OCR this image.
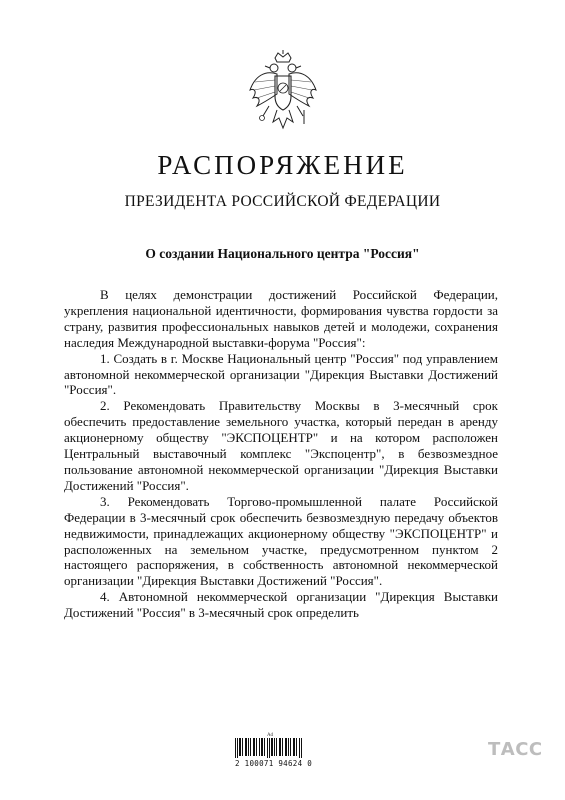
РАСПОРЯЖЕНИЕ
ПРЕЗИДЕНТА РОССИЙСКОЙ ФЕДЕРАЦИИ
О создании Национального центра "Россия"

В целях демонстрации достижений Российской Федерации, укрепления национальной идентичности, формирования чувства гордости за страну, развития профессиональных навыков детей и молодежи, сохранения наследия Международной выставки-форума "Россия":

1. Создать в г. Москве Национальный центр "Россия" под управлением автономной некоммерческой организации "Дирекция Выставки Достижений "Россия".

2. Рекомендовать Правительству Москвы в 3-месячный срок обеспечить предоставление земельного участка, который передан в аренду акционерному обществу "ЭКСПОЦЕНТР" и на котором расположен Центральный выставочный комплекс "Экспоцентр", в безвозмездное пользование автономной некоммерческой организации "Дирекция Выставки Достижений "Россия".

3. Рекомендовать Торгово-промышленной палате Российской Федерации в 3-месячный срок обеспечить безвозмездную передачу объектов недвижимости, принадлежащих акционерному обществу "ЭКСПОЦЕНТР" и расположенных на земельном участке, предусмотренном пунктом 2 настоящего распоряжения, в собственность автономной некоммерческой организации "Дирекция Выставки Достижений "Россия".

4. Автономной некоммерческой организации "Дирекция Выставки Достижений "Россия" в 3-месячный срок определить

Ad
2 100071 94624 0
ТАСС
